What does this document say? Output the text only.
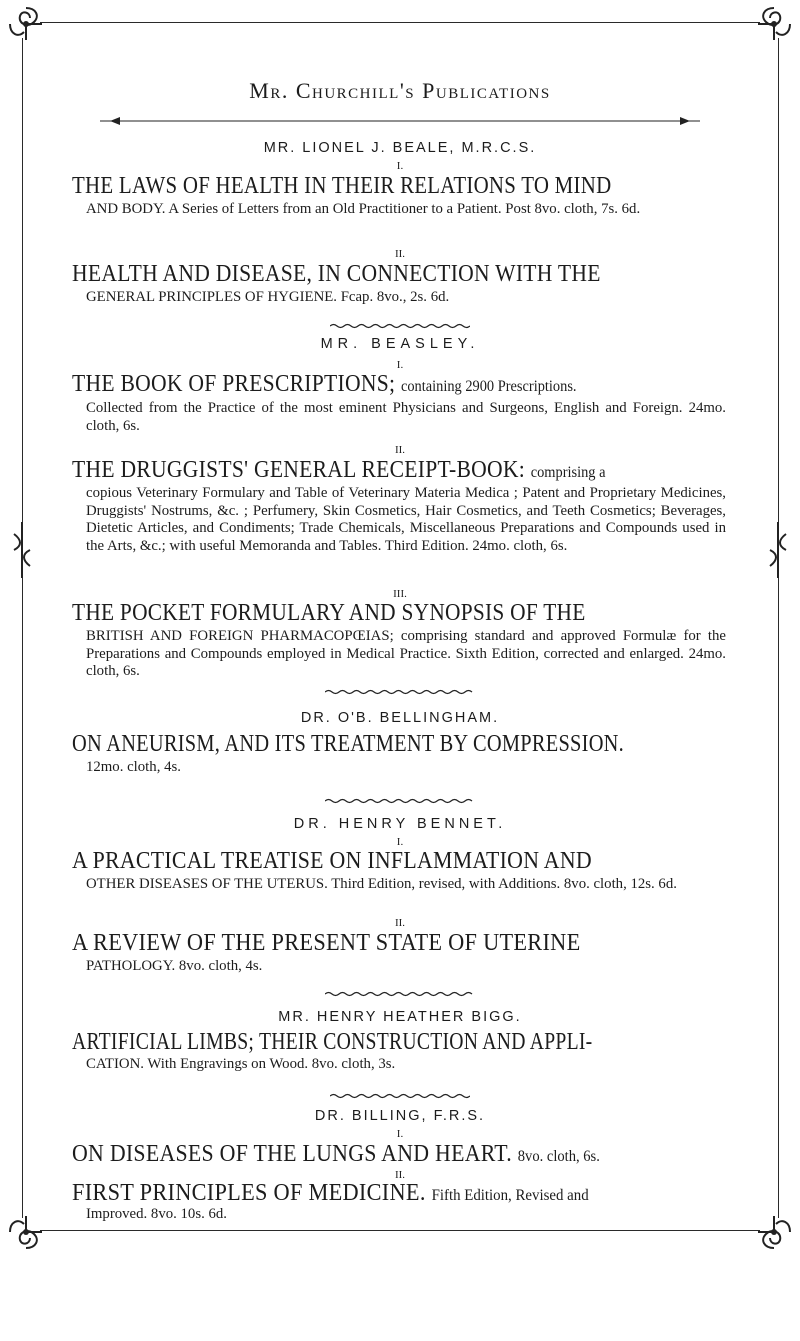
Mr. Churchill's Publications
MR. LIONEL J. BEALE, M.R.C.S.
I.
THE LAWS OF HEALTH IN THEIR RELATIONS TO MIND
AND BODY. A Series of Letters from an Old Practitioner to a Patient. Post 8vo. cloth, 7s. 6d.
II.
HEALTH AND DISEASE, IN CONNECTION WITH THE
GENERAL PRINCIPLES OF HYGIENE. Fcap. 8vo., 2s. 6d.
MR. BEASLEY.
I.
THE BOOK OF PRESCRIPTIONS; containing 2900 Prescriptions.
Collected from the Practice of the most eminent Physicians and Surgeons, English and Foreign. 24mo. cloth, 6s.
II.
THE DRUGGISTS' GENERAL RECEIPT-BOOK: comprising a
copious Veterinary Formulary and Table of Veterinary Materia Medica ; Patent and Proprietary Medicines, Druggists' Nostrums, &c. ; Perfumery, Skin Cosmetics, Hair Cosmetics, and Teeth Cosmetics; Beverages, Dietetic Articles, and Condiments; Trade Chemicals, Miscellaneous Preparations and Compounds used in the Arts, &c.; with useful Memoranda and Tables. Third Edition. 24mo. cloth, 6s.
III.
THE POCKET FORMULARY AND SYNOPSIS OF THE
BRITISH AND FOREIGN PHARMACOPŒIAS; comprising standard and approved Formulæ for the Preparations and Compounds employed in Medical Practice. Sixth Edition, corrected and enlarged. 24mo. cloth, 6s.
DR. O'B. BELLINGHAM.
ON ANEURISM, AND ITS TREATMENT BY COMPRESSION.
12mo. cloth, 4s.
DR. HENRY BENNET.
I.
A PRACTICAL TREATISE ON INFLAMMATION AND
OTHER DISEASES OF THE UTERUS. Third Edition, revised, with Additions. 8vo. cloth, 12s. 6d.
II.
A REVIEW OF THE PRESENT STATE OF UTERINE
PATHOLOGY. 8vo. cloth, 4s.
MR. HENRY HEATHER BIGG.
ARTIFICIAL LIMBS; THEIR CONSTRUCTION AND APPLI-
CATION. With Engravings on Wood. 8vo. cloth, 3s.
DR. BILLING, F.R.S.
I.
ON DISEASES OF THE LUNGS AND HEART. 8vo. cloth, 6s.
II.
FIRST PRINCIPLES OF MEDICINE. Fifth Edition, Revised and
Improved. 8vo. 10s. 6d.
